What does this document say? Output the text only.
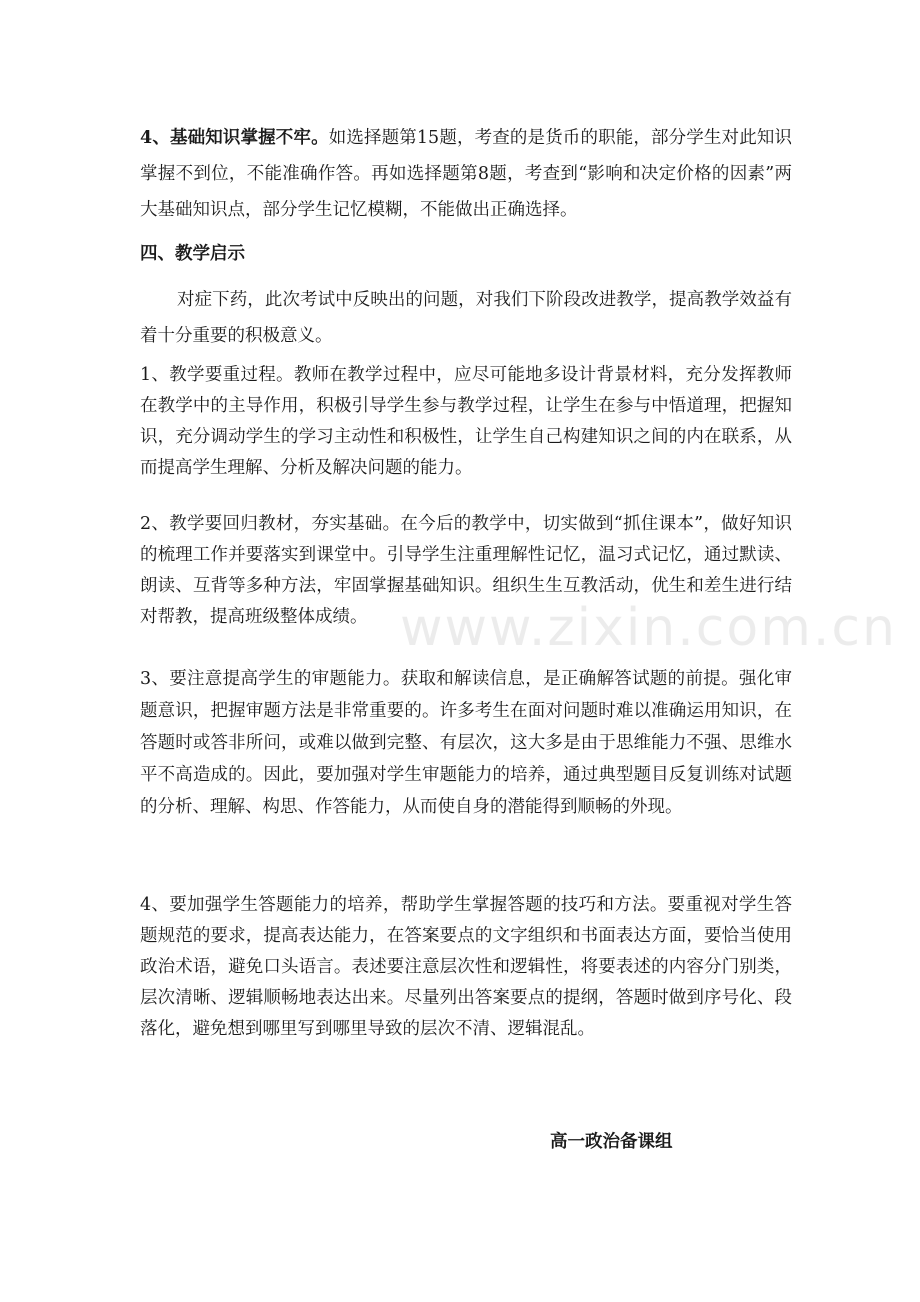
4、基础知识掌握不牢。如选择题第15题，考查的是货币的职能，部分学生对此知识掌握不到位，不能准确作答。再如选择题第8题，考查到“影响和决定价格的因素”两大基础知识点，部分学生记忆模糊，不能做出正确选择。

四、教学启示

对症下药，此次考试中反映出的问题，对我们下阶段改进教学，提高教学效益有着十分重要的积极意义。

1、教学要重过程。教师在教学过程中，应尽可能地多设计背景材料，充分发挥教师在教学中的主导作用，积极引导学生参与教学过程，让学生在参与中悟道理，把握知识，充分调动学生的学习主动性和积极性，让学生自己构建知识之间的内在联系，从而提高学生理解、分析及解决问题的能力。

2、教学要回归教材，夯实基础。在今后的教学中，切实做到“抓住课本”，做好知识的梳理工作并要落实到课堂中。引导学生注重理解性记忆，温习式记忆，通过默读、朗读、互背等多种方法，牢固掌握基础知识。组织生生互教活动，优生和差生进行结对帮教，提高班级整体成绩。

3、要注意提高学生的审题能力。获取和解读信息，是正确解答试题的前提。强化审题意识，把握审题方法是非常重要的。许多考生在面对问题时难以准确运用知识，在答题时或答非所问，或难以做到完整、有层次，这大多是由于思维能力不强、思维水平不高造成的。因此，要加强对学生审题能力的培养，通过典型题目反复训练对试题的分析、理解、构思、作答能力，从而使自身的潜能得到顺畅的外现。

4、要加强学生答题能力的培养，帮助学生掌握答题的技巧和方法。要重视对学生答题规范的要求，提高表达能力，在答案要点的文字组织和书面表达方面，要恰当使用政治术语，避免口头语言。表述要注意层次性和逻辑性，将要表述的内容分门别类，层次清晰、逻辑顺畅地表达出来。尽量列出答案要点的提纲，答题时做到序号化、段落化，避免想到哪里写到哪里导致的层次不清、逻辑混乱。

高一政治备课组

www.zixin.com.cn
